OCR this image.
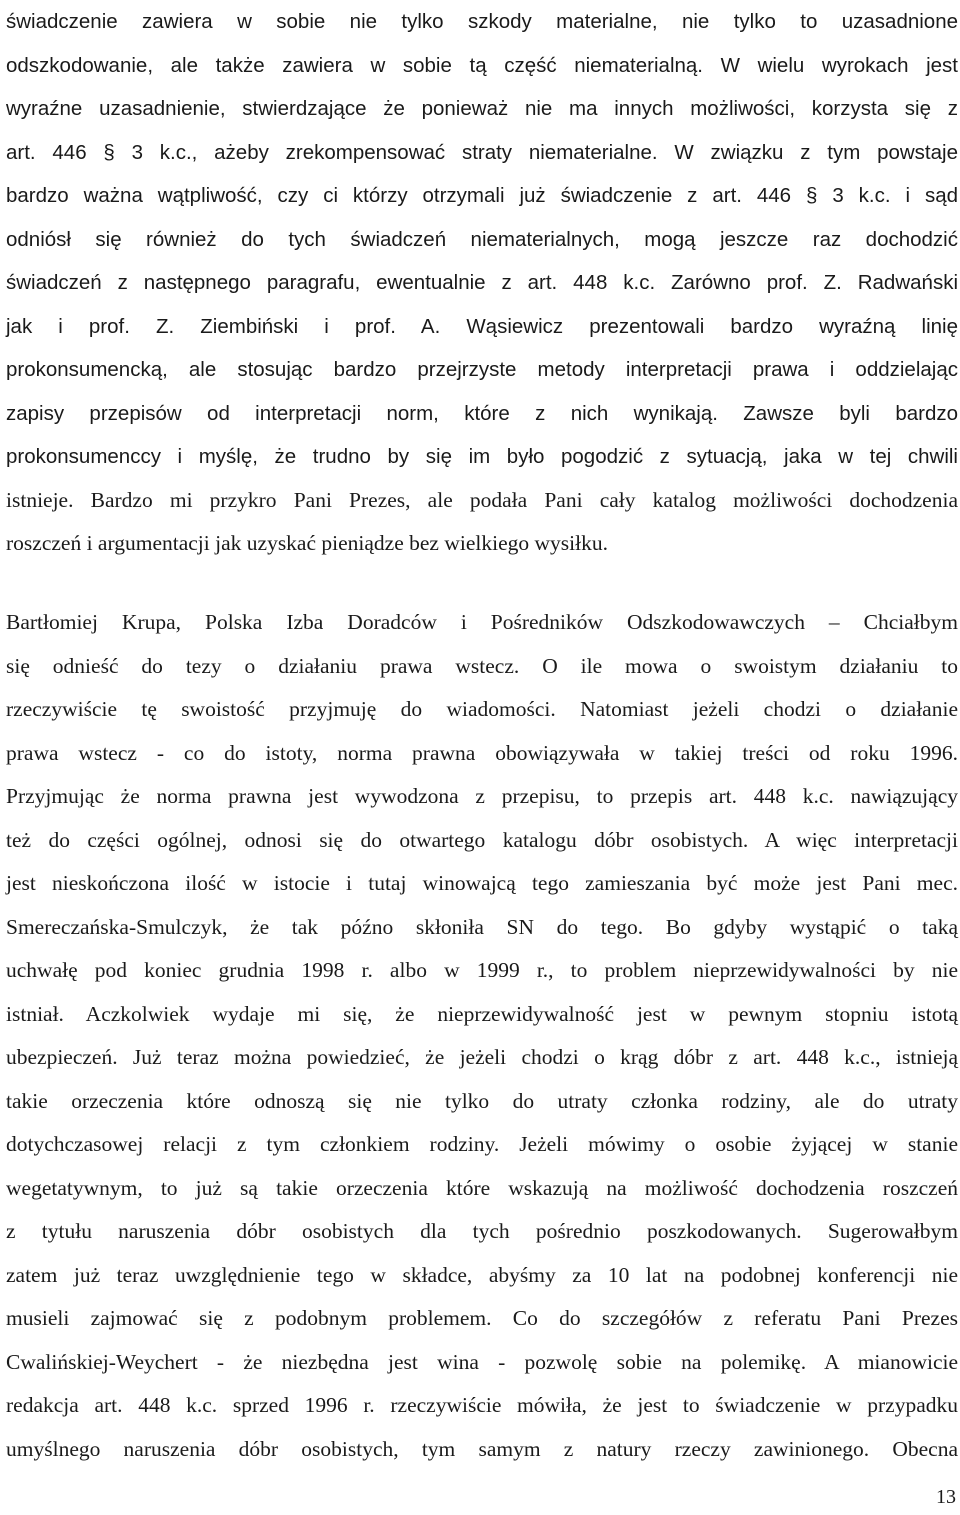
świadczenie zawiera w sobie nie tylko szkody materialne, nie tylko to uzasadnione
odszkodowanie, ale także zawiera w sobie tą część niematerialną. W wielu wyrokach jest
wyraźne uzasadnienie, stwierdzające że ponieważ nie ma innych możliwości, korzysta się z
art. 446 § 3 k.c., ażeby zrekompensować straty niematerialne. W związku z tym powstaje
bardzo ważna wątpliwość, czy ci którzy otrzymali już świadczenie z art. 446 § 3 k.c. i sąd
odniósł się również do tych świadczeń niematerialnych, mogą jeszcze raz dochodzić
świadczeń z następnego paragrafu, ewentualnie z art. 448 k.c. Zarówno prof. Z. Radwański
jak i prof. Z. Ziembiński i prof. A. Wąsiewicz prezentowali bardzo wyraźną linię
prokonsumencką, ale stosując bardzo przejrzyste metody interpretacji prawa i oddzielając
zapisy przepisów od interpretacji norm, które z nich wynikają. Zawsze byli bardzo
prokonsumenccy i myślę, że trudno by się im było pogodzić z sytuacją, jaka w tej chwili
istnieje. Bardzo mi przykro Pani Prezes, ale podała Pani cały katalog możliwości dochodzenia
roszczeń i argumentacji jak uzyskać pieniądze bez wielkiego wysiłku.
Bartłomiej Krupa, Polska Izba Doradców i Pośredników Odszkodowawczych – Chciałbym
się odnieść do tezy o działaniu prawa wstecz. O ile mowa o swoistym działaniu to
rzeczywiście tę swoistość przyjmuję do wiadomości. Natomiast jeżeli chodzi o działanie
prawa wstecz - co do istoty, norma prawna obowiązywała w takiej treści od roku 1996.
Przyjmując że norma prawna jest wywodzona z przepisu, to przepis art. 448 k.c. nawiązujący
też do części ogólnej, odnosi się do otwartego katalogu dóbr osobistych. A więc interpretacji
jest nieskończona ilość w istocie i tutaj winowajcą tego zamieszania być może jest Pani mec.
Smereczańska-Smulczyk, że tak późno skłoniła SN do tego. Bo gdyby wystąpić o taką
uchwałę pod koniec grudnia 1998 r. albo w 1999 r., to problem nieprzewidywalności by nie
istniał. Aczkolwiek wydaje mi się, że nieprzewidywalność jest w pewnym stopniu istotą
ubezpieczeń. Już teraz można powiedzieć, że jeżeli chodzi o krąg dóbr z art. 448 k.c., istnieją
takie orzeczenia które odnoszą się nie tylko do utraty członka rodziny, ale do utraty
dotychczasowej relacji z tym członkiem rodziny. Jeżeli mówimy o osobie żyjącej w stanie
wegetatywnym, to już są takie orzeczenia które wskazują na możliwość dochodzenia roszczeń
z tytułu naruszenia dóbr osobistych dla tych pośrednio poszkodowanych. Sugerowałbym
zatem już teraz uwzględnienie tego w składce, abyśmy za 10 lat na podobnej konferencji nie
musieli zajmować się z podobnym problemem. Co do szczegółów z referatu Pani Prezes
Cwalińskiej-Weychert - że niezbędna jest wina - pozwolę sobie na polemikę. A mianowicie
redakcja art. 448 k.c. sprzed 1996 r. rzeczywiście mówiła, że jest to świadczenie w przypadku
umyślnego naruszenia dóbr osobistych, tym samym z natury rzeczy zawinionego. Obecna
13
